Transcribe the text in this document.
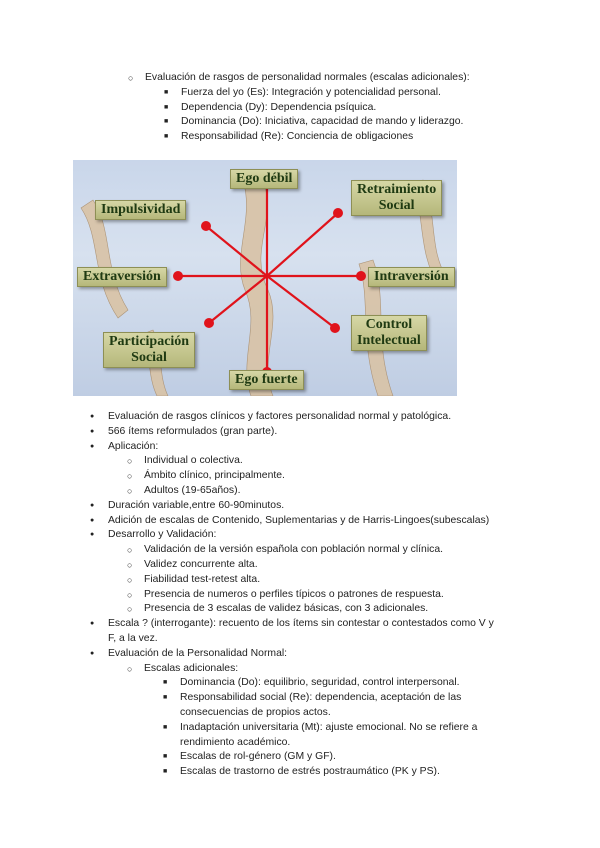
○ Evaluación de rasgos de personalidad normales (escalas adicionales):
■ Fuerza del yo (Es): Integración y potencialidad personal.
■ Dependencia (Dy): Dependencia psíquica.
■ Dominancia (Do): Iniciativa, capacidad de mando y liderazgo.
■ Responsabilidad (Re): Conciencia de obligaciones
Ego débil
Retraimiento
Social
Impulsividad
Extraversión	Intraversión
Participación
Social
Control
Intelectual
Ego fuerte
● Evaluación de rasgos clínicos y factores personalidad normal y patológica.
● 566 ítems reformulados (gran parte).
● Aplicación:
○ Individual o colectiva.
○ Ámbito clínico, principalmente.
○ Adultos (19-65años).
● Duración variable,entre 60-90minutos.
● Adición de escalas de Contenido, Suplementarias y de Harris-Lingoes(subescalas)
● Desarrollo y Validación:
○ Validación de la versión española con población normal y clínica.
○ Validez concurrente alta.
○ Fiabilidad test-retest alta.
○ Presencia de numeros o perfiles típicos o patrones de respuesta.
○ Presencia de 3 escalas de validez básicas, con 3 adicionales.
● Escala ? (interrogante): recuento de los ítems sin contestar o contestados como V y
F, a la vez.
● Evaluación de la Personalidad Normal:
○ Escalas adicionales:
■ Dominancia (Do): equilibrio, seguridad, control interpersonal.
■ Responsabilidad social (Re): dependencia, aceptación de las
consecuencias de propios actos.
■ Inadaptación universitaria (Mt): ajuste emocional. No se refiere a
rendimiento académico.
■ Escalas de rol-género (GM y GF).
■ Escalas de trastorno de estrés postraumático (PK y PS).
